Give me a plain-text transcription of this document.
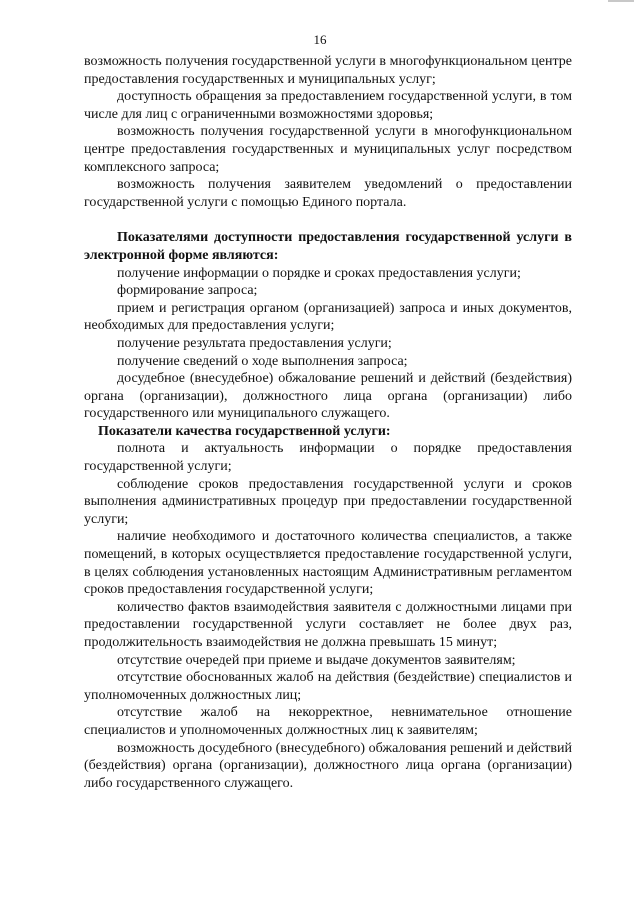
16

возможность получения государственной услуги в многофункциональном центре предоставления государственных и муниципальных услуг;

доступность обращения за предоставлением государственной услуги, в том числе для лиц с ограниченными возможностями здоровья;

возможность получения государственной услуги в многофункциональном центре предоставления государственных и муниципальных услуг посредством комплексного запроса;

возможность получения заявителем уведомлений о предоставлении государственной услуги с помощью Единого портала.

Показателями доступности предоставления государственной услуги в электронной форме являются:

получение информации о порядке и сроках предоставления услуги;

формирование запроса;

прием и регистрация органом (организацией) запроса и иных документов, необходимых для предоставления услуги;

получение результата предоставления услуги;

получение сведений о ходе выполнения запроса;

досудебное (внесудебное) обжалование решений и действий (бездействия) органа (организации), должностного лица органа (организации) либо государственного или муниципального служащего.

Показатели качества государственной услуги:

полнота и актуальность информации о порядке предоставления государственной услуги;

соблюдение сроков предоставления государственной услуги и сроков выполнения административных процедур при предоставлении государственной услуги;

наличие необходимого и достаточного количества специалистов, а также помещений, в которых осуществляется предоставление государственной услуги, в целях соблюдения установленных настоящим Административным регламентом сроков предоставления государственной услуги;

количество фактов взаимодействия заявителя с должностными лицами при предоставлении государственной услуги составляет не более двух раз, продолжительность взаимодействия не должна превышать 15 минут;

отсутствие очередей при приеме и выдаче документов заявителям;

отсутствие обоснованных жалоб на действия (бездействие) специалистов и уполномоченных должностных лиц;

отсутствие жалоб на некорректное, невнимательное отношение специалистов и уполномоченных должностных лиц к заявителям;

возможность досудебного (внесудебного) обжалования решений и действий (бездействия) органа (организации), должностного лица органа (организации) либо государственного служащего.
